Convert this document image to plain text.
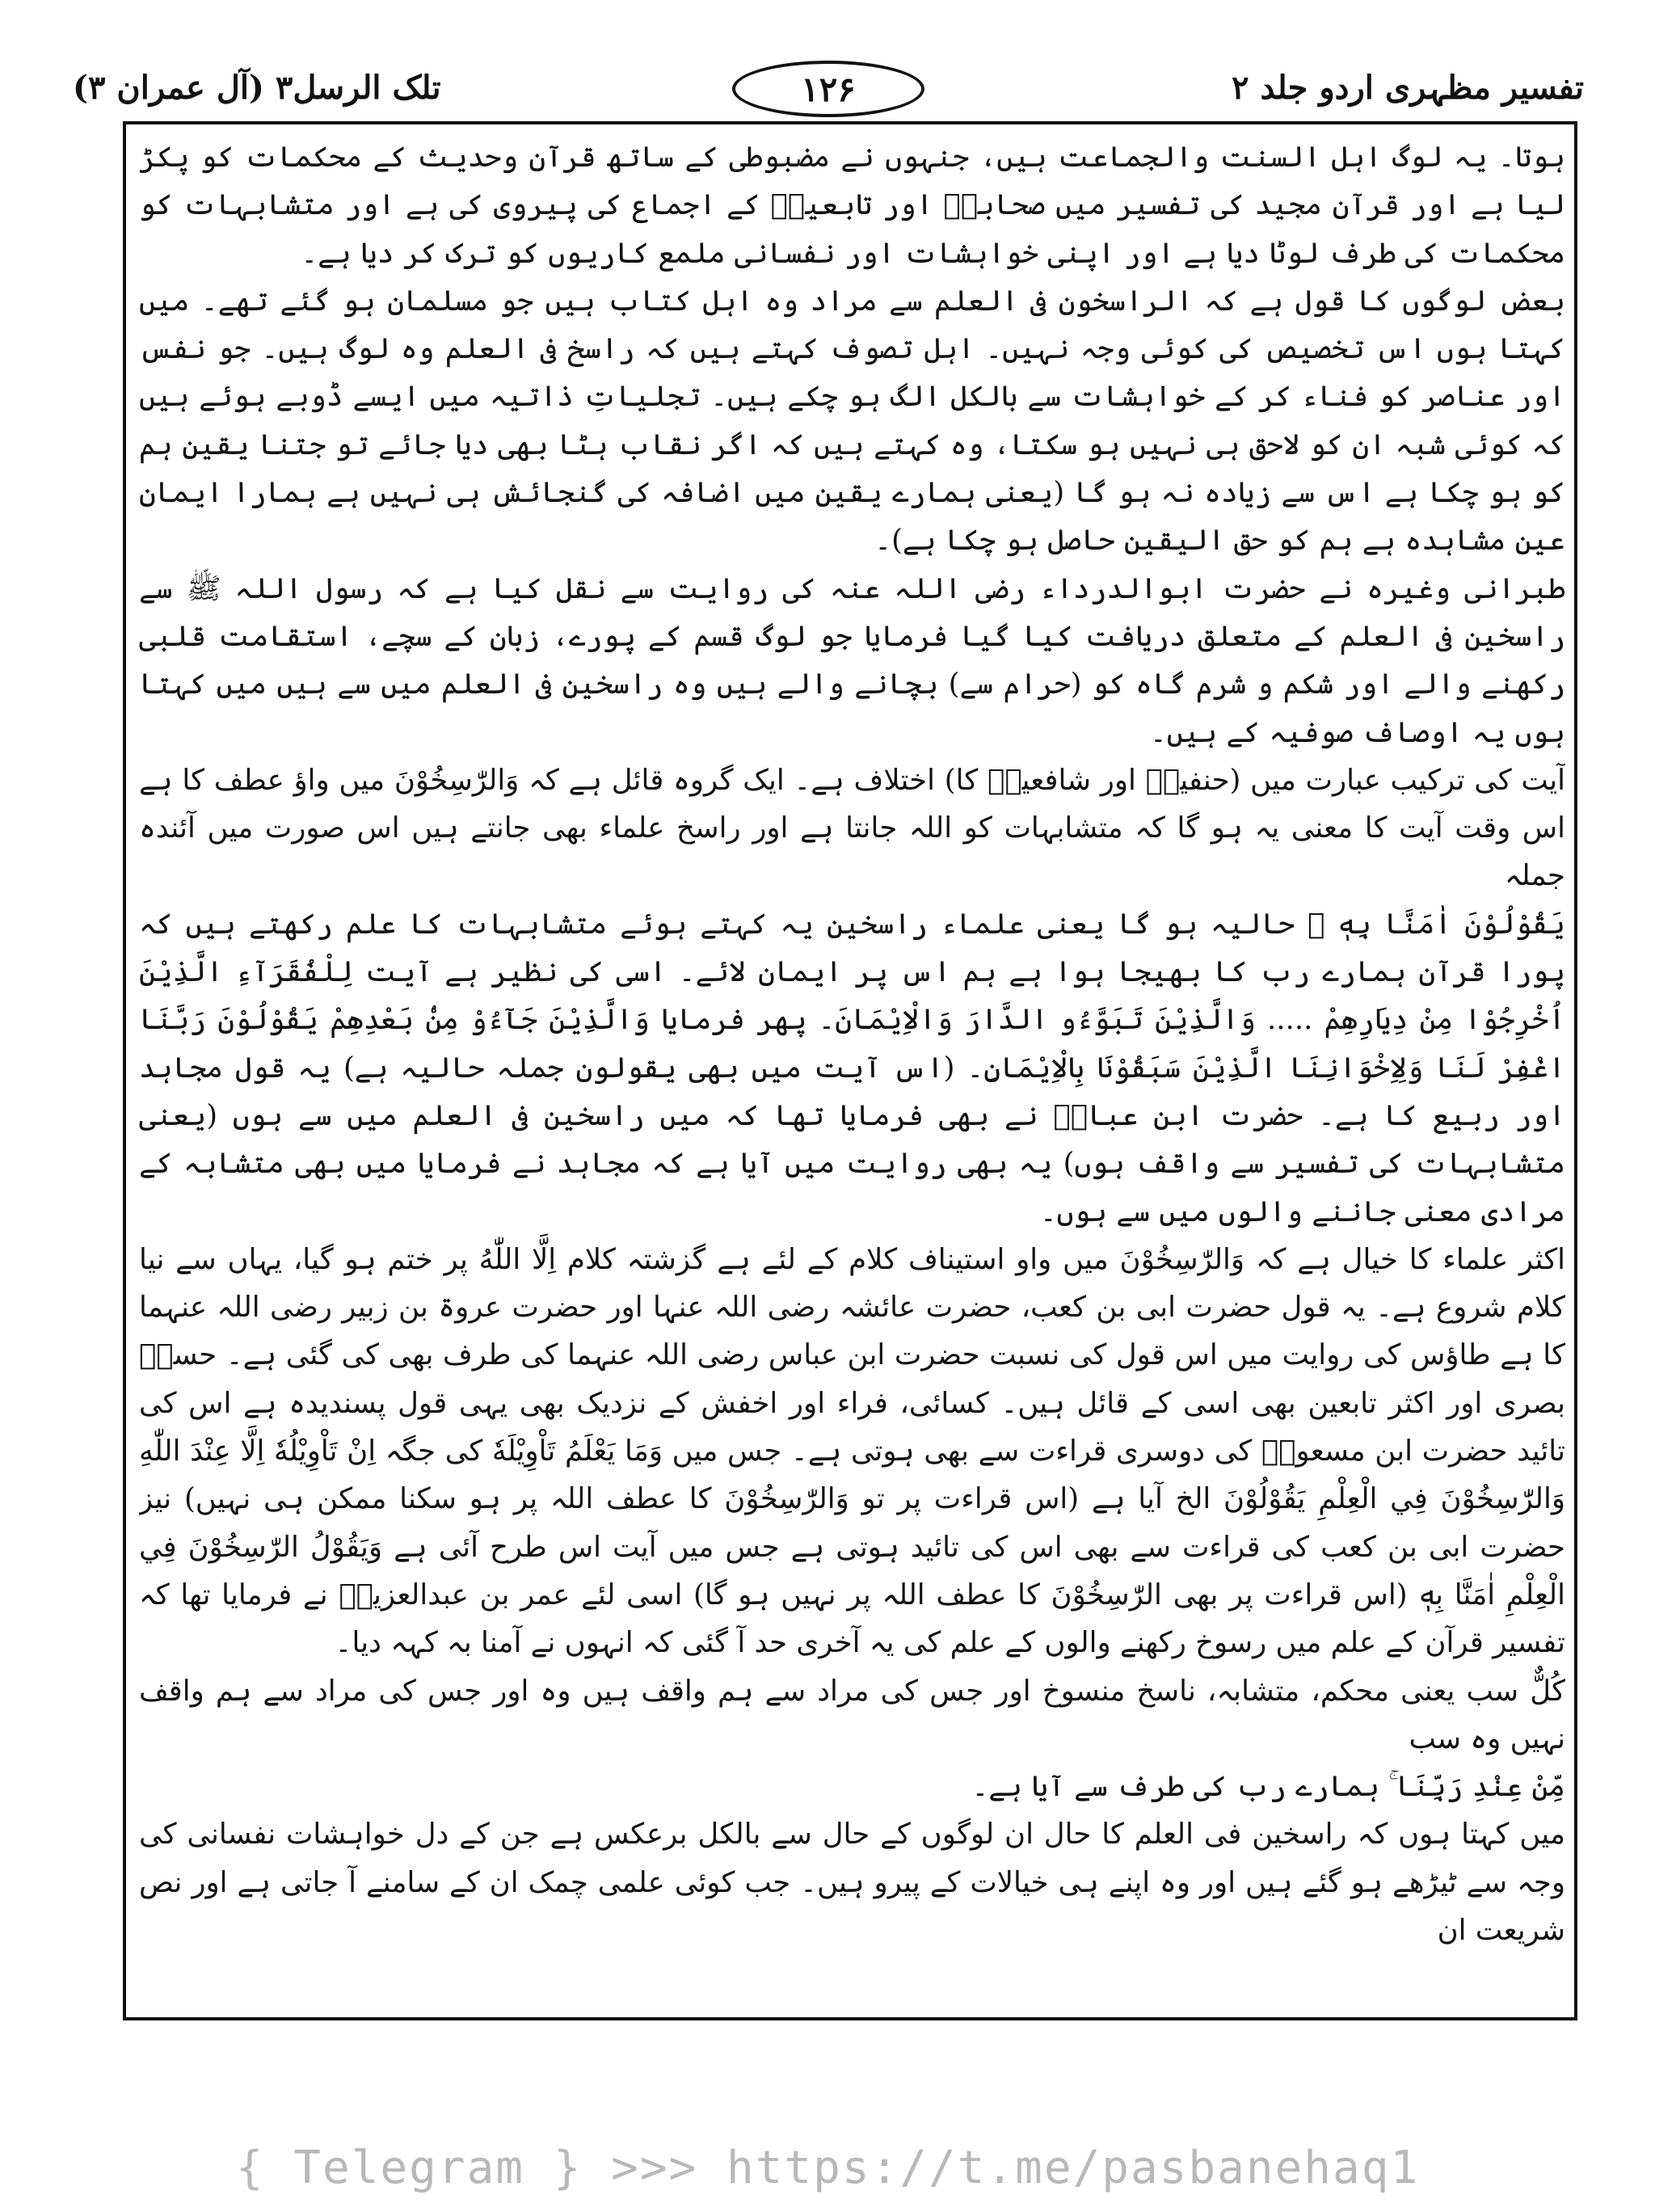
تفسیر مظہری اردو جلد ۲
۱۲۶
تلک الرسل۳ (آل عمران ۳)

ہوتا۔ یہ لوگ اہل السنت والجماعت ہیں، جنہوں نے مضبوطی کے ساتھ قرآن وحدیث کے محکمات کو پکڑ لیا ہے اور قرآن مجید کی تفسیر میں صحابہؓ اور تابعینؒ کے اجماع کی پیروی کی ہے اور متشابہات کو محکمات کی طرف لوٹا دیا ہے اور اپنی خواہشات اور نفسانی ملمع کاریوں کو ترک کر دیا ہے۔

بعض لوگوں کا قول ہے کہ الراسخون فی العلم سے مراد وہ اہل کتاب ہیں جو مسلمان ہو گئے تھے۔ میں کہتا ہوں اس تخصیص کی کوئی وجہ نہیں۔ اہل تصوف کہتے ہیں کہ راسخ فی العلم وہ لوگ ہیں۔ جو نفس اور عناصر کو فناء کر کے خواہشات سے بالکل الگ ہو چکے ہیں۔ تجلیاتِ ذاتیہ میں ایسے ڈوبے ہوئے ہیں کہ کوئی شبہ ان کو لاحق ہی نہیں ہو سکتا، وہ کہتے ہیں کہ اگر نقاب ہٹا بھی دیا جائے تو جتنا یقین ہم کو ہو چکا ہے اس سے زیادہ نہ ہو گا (یعنی ہمارے یقین میں اضافہ کی گنجائش ہی نہیں ہے ہمارا ایمان عین مشاہدہ ہے ہم کو حق الیقین حاصل ہو چکا ہے)۔

طبرانی وغیرہ نے حضرت ابوالدرداء رضی اللہ عنہ کی روایت سے نقل کیا ہے کہ رسول اللہ ﷺ سے راسخین فی العلم کے متعلق دریافت کیا گیا فرمایا جو لوگ قسم کے پورے، زبان کے سچے، استقامت قلبی رکھنے والے اور شکم و شرم گاہ کو (حرام سے) بچانے والے ہیں وہ راسخین فی العلم میں سے ہیں میں کہتا ہوں یہ اوصاف صوفیہ کے ہیں۔

آیت کی ترکیب عبارت میں (حنفیہؒ اور شافعیہؒ کا) اختلاف ہے۔ ایک گروہ قائل ہے کہ وَالرّٰسِخُوْنَ میں واؤ عطف کا ہے اس وقت آیت کا معنی یہ ہو گا کہ متشابہات کو اللہ جانتا ہے اور راسخ علماء بھی جانتے ہیں اس صورت میں آئندہ جملہ

يَقُوْلُوْنَ اٰمَنَّا بِهٖ ۙ حالیہ ہو گا یعنی علماء راسخین یہ کہتے ہوئے متشابہات کا علم رکھتے ہیں کہ پورا قرآن ہمارے رب کا بھیجا ہوا ہے ہم اس پر ایمان لائے۔ اسی کی نظیر ہے آیت لِلْفُقَرَآءِ الَّذِيْنَ اُخْرِجُوْا مِنْ دِيَارِهِمْ ..... وَالَّذِيْنَ تَبَوَّءُو الدَّارَ وَالْاِيْمَانَ۔ پھر فرمایا وَالَّذِيْنَ جَآءُوْ مِنْۢ بَعْدِهِمْ يَقُوْلُوْنَ رَبَّنَا اغْفِرْ لَنَا وَلِاِخْوَانِنَا الَّذِيْنَ سَبَقُوْنَا بِالْاِيْمَانِ۔ (اس آیت میں بھی یقولون جملہ حالیہ ہے) یہ قول مجاہد اور ربیع کا ہے۔ حضرت ابن عباسؓ نے بھی فرمایا تھا کہ میں راسخین فی العلم میں سے ہوں (یعنی متشابہات کی تفسیر سے واقف ہوں) یہ بھی روایت میں آیا ہے کہ مجاہد نے فرمایا میں بھی متشابہ کے مرادی معنی جاننے والوں میں سے ہوں۔

اکثر علماء کا خیال ہے کہ وَالرّٰسِخُوْنَ میں واو استیناف کلام کے لئے ہے گزشتہ کلام اِلَّا اللّٰهُ پر ختم ہو گیا، یہاں سے نیا کلام شروع ہے۔ یہ قول حضرت ابی بن کعب، حضرت عائشہ رضی اللہ عنہا اور حضرت عروۃ بن زبیر رضی اللہ عنہما کا ہے طاؤس کی روایت میں اس قول کی نسبت حضرت ابن عباس رضی اللہ عنہما کی طرف بھی کی گئی ہے۔ حسنؒ بصری اور اکثر تابعین بھی اسی کے قائل ہیں۔ کسائی، فراء اور اخفش کے نزدیک بھی یہی قول پسندیدہ ہے اس کی تائید حضرت ابن مسعودؓ کی دوسری قراءت سے بھی ہوتی ہے۔ جس میں وَمَا يَعْلَمُ تَاْوِيْلَهٗ کی جگہ اِنْ تَاْوِيْلُهٗ اِلَّا عِنْدَ اللّٰهِ وَالرّٰسِخُوْنَ فِي الْعِلْمِ يَقُوْلُوْنَ الخ آیا ہے (اس قراءت پر تو وَالرّٰسِخُوْنَ کا عطف اللہ پر ہو سکنا ممکن ہی نہیں) نیز حضرت ابی بن کعب کی قراءت سے بھی اس کی تائید ہوتی ہے جس میں آیت اس طرح آئی ہے وَيَقُوْلُ الرّٰسِخُوْنَ فِي الْعِلْمِ اٰمَنَّا بِهٖ (اس قراءت پر بھی الرّٰسِخُوْنَ کا عطف اللہ پر نہیں ہو گا) اسی لئے عمر بن عبدالعزیزؒ نے فرمایا تھا کہ تفسیر قرآن کے علم میں رسوخ رکھنے والوں کے علم کی یہ آخری حد آ گئی کہ انہوں نے آمنا بہ کہہ دیا۔

كُلٌّ سب یعنی محکم، متشابہ، ناسخ منسوخ اور جس کی مراد سے ہم واقف ہیں وہ اور جس کی مراد سے ہم واقف نہیں وہ سب

مِّنْ عِنْدِ رَبِّنَا ۚ ہمارے رب کی طرف سے آیا ہے۔

میں کہتا ہوں کہ راسخین فی العلم کا حال ان لوگوں کے حال سے بالکل برعکس ہے جن کے دل خواہشات نفسانی کی وجہ سے ٹیڑھے ہو گئے ہیں اور وہ اپنے ہی خیالات کے پیرو ہیں۔ جب کوئی علمی چمک ان کے سامنے آ جاتی ہے اور نص شریعت ان

{ Telegram } >>> https://t.me/pasbanehaq1
